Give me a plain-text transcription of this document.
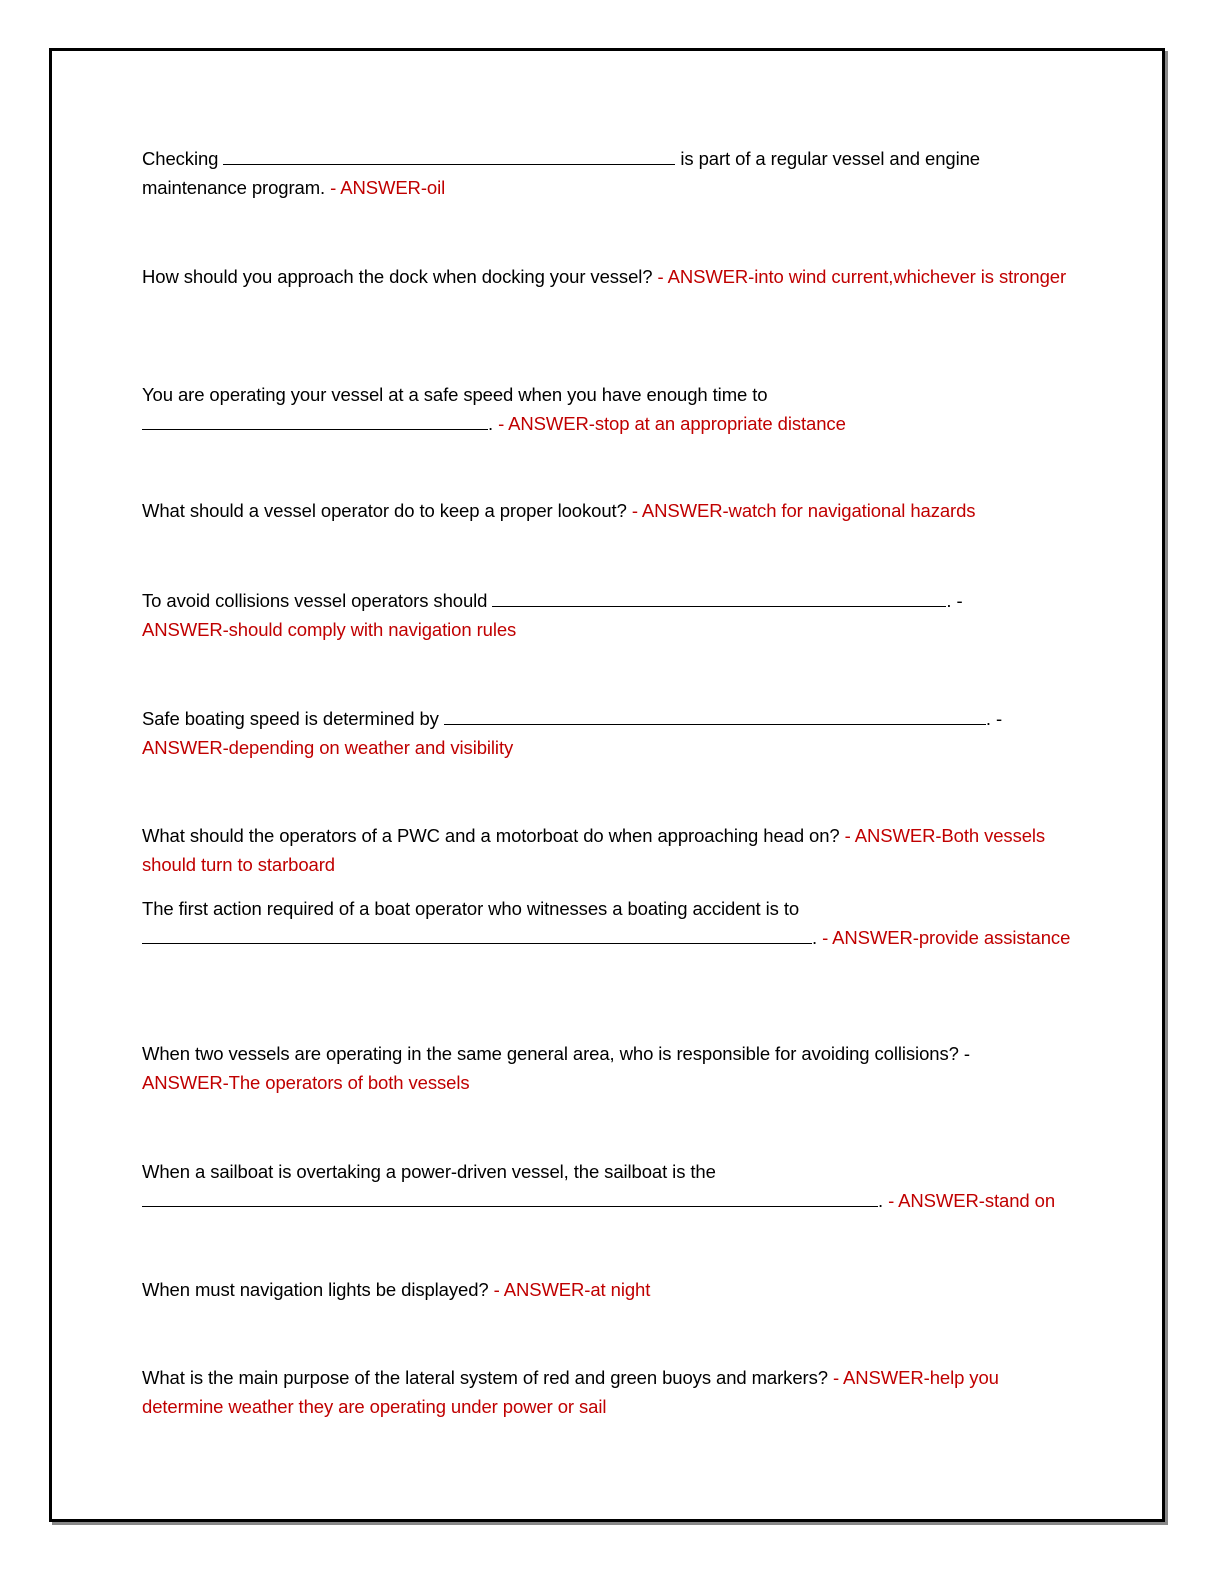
Checking	is part of a regular vessel and engine maintenance program. - ANSWER-oil
How should you approach the dock when docking your vessel? - ANSWER-into wind current,whichever is stronger
You are operating your vessel at a safe speed when you have enough time to
. - ANSWER-stop at an appropriate distance
What should a vessel operator do to keep a proper lookout? - ANSWER-watch for navigational hazards
To avoid collisions vessel operators should	. -
ANSWER-should comply with navigation rules
Safe boating speed is determined by	. -
ANSWER-depending on weather and visibility
What should the operators of a PWC and a motorboat do when approaching head on? - ANSWER-Both vessels should turn to starboard
The first action required of a boat operator who witnesses a boating accident is to
. - ANSWER-provide assistance
When two vessels are operating in the same general area, who is responsible for avoiding collisions? -
ANSWER-The operators of both vessels
When a sailboat is overtaking a power-driven vessel, the sailboat is the
. - ANSWER-stand on
When must navigation lights be displayed? - ANSWER-at night
What is the main purpose of the lateral system of red and green buoys and markers? - ANSWER-help you determine weather they are operating under power or sail
